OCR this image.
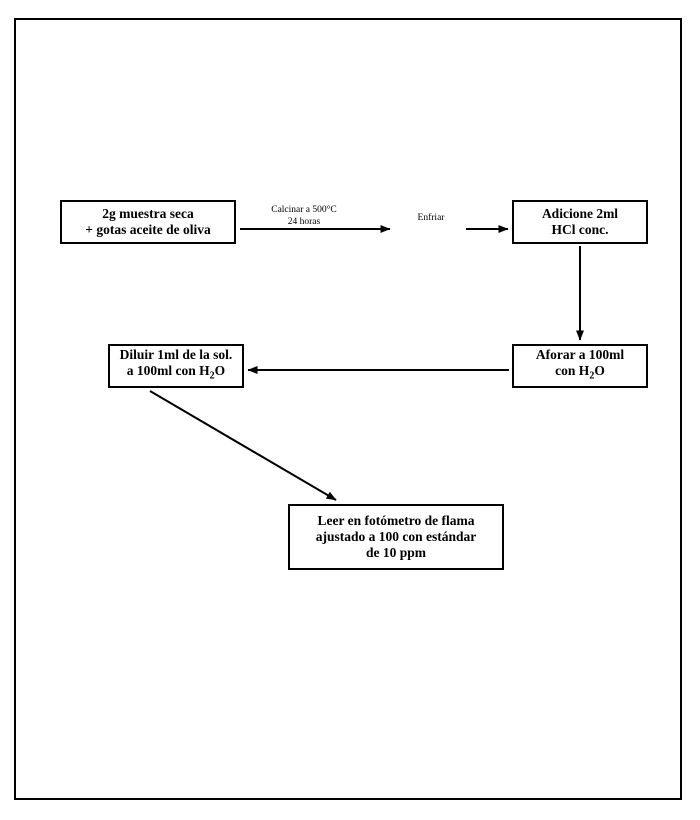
2g muestra seca
+ gotas aceite de oliva
Adicione 2ml
HCl conc.
Aforar a 100ml
con $H_2O$
Diluir 1ml de la sol.
a 100ml con $H_2O$
Leer en fotómetro de flama
ajustado a 100 con estándar
de 10 ppm
Calcinar a 500°C
24 horas	Enfriar
